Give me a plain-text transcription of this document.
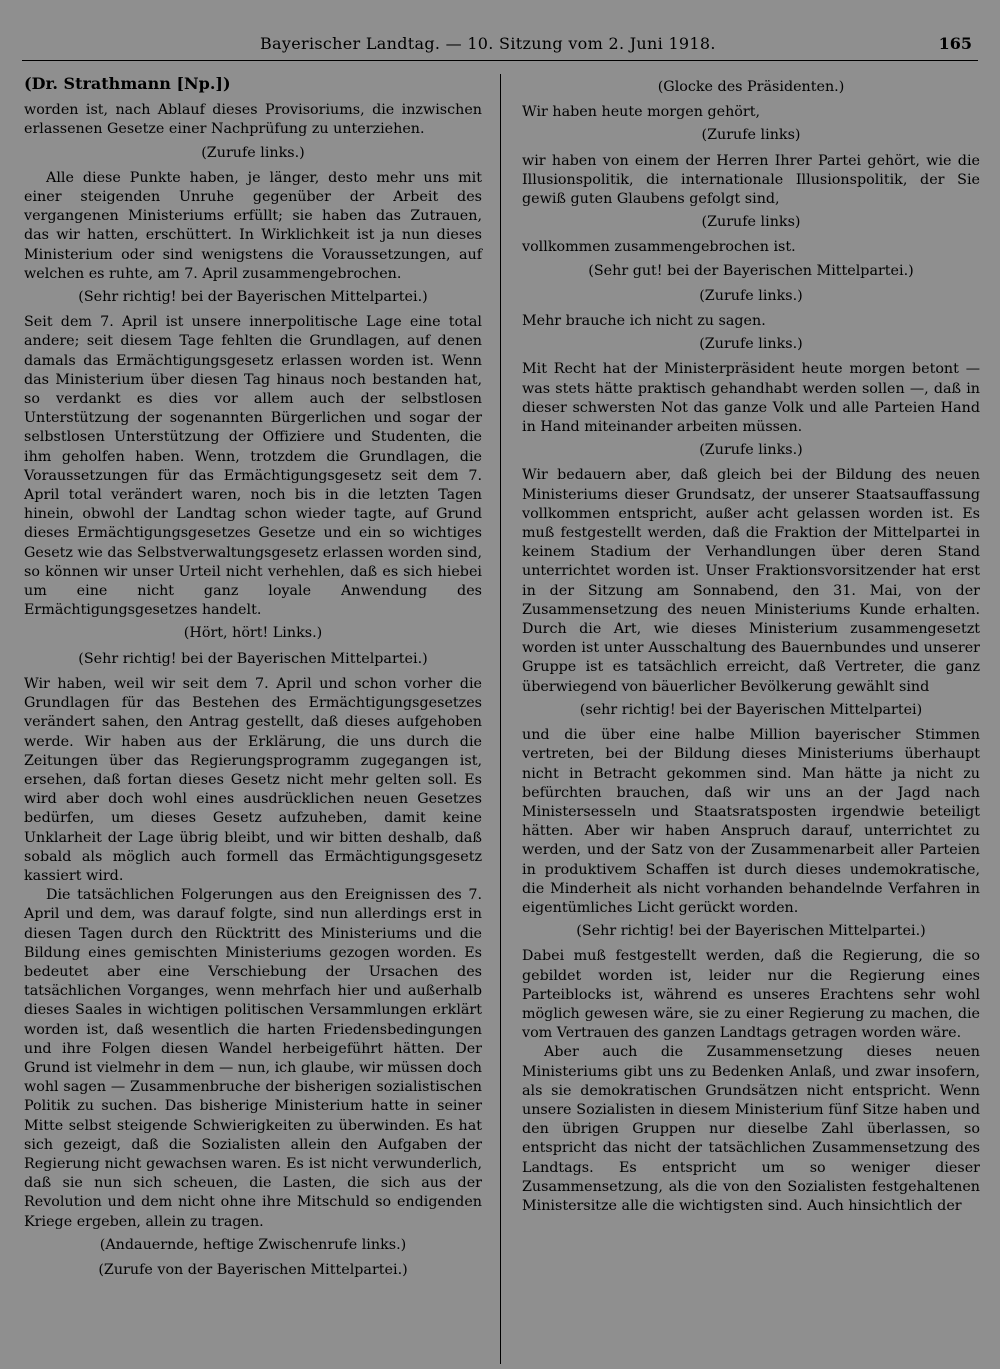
Bayerischer Landtag. — 10. Sitzung vom 2. Juni 1918.	165

(Dr. Strathmann [Np.])

worden ist, nach Ablauf dieses Provisoriums, die inzwischen erlassenen Gesetze einer Nachprüfung zu unterziehen.

(Zurufe links.)

Alle diese Punkte haben, je länger, desto mehr uns mit einer steigenden Unruhe gegenüber der Arbeit des vergangenen Ministeriums erfüllt; sie haben das Zutrauen, das wir hatten, erschüttert. In Wirklichkeit ist ja nun dieses Ministerium oder sind wenigstens die Voraussetzungen, auf welchen es ruhte, am 7. April zusammengebrochen.

(Sehr richtig! bei der Bayerischen Mittelpartei.)

Seit dem 7. April ist unsere innerpolitische Lage eine total andere; seit diesem Tage fehlten die Grundlagen, auf denen damals das Ermächtigungsgesetz erlassen worden ist. Wenn das Ministerium über diesen Tag hinaus noch bestanden hat, so verdankt es dies vor allem auch der selbstlosen Unterstützung der sogenannten Bürgerlichen und sogar der selbstlosen Unterstützung der Offiziere und Studenten, die ihm geholfen haben. Wenn, trotzdem die Grundlagen, die Voraussetzungen für das Ermächtigungsgesetz seit dem 7. April total verändert waren, noch bis in die letzten Tagen hinein, obwohl der Landtag schon wieder tagte, auf Grund dieses Ermächtigungsgesetzes Gesetze und ein so wichtiges Gesetz wie das Selbstverwaltungsgesetz erlassen worden sind, so können wir unser Urteil nicht verhehlen, daß es sich hiebei um eine nicht ganz loyale Anwendung des Ermächtigungsgesetzes handelt.

(Hört, hört! Links.)

(Sehr richtig! bei der Bayerischen Mittelpartei.)

Wir haben, weil wir seit dem 7. April und schon vorher die Grundlagen für das Bestehen des Ermächtigungsgesetzes verändert sahen, den Antrag gestellt, daß dieses aufgehoben werde. Wir haben aus der Erklärung, die uns durch die Zeitungen über das Regierungsprogramm zugegangen ist, ersehen, daß fortan dieses Gesetz nicht mehr gelten soll. Es wird aber doch wohl eines ausdrücklichen neuen Gesetzes bedürfen, um dieses Gesetz aufzuheben, damit keine Unklarheit der Lage übrig bleibt, und wir bitten deshalb, daß sobald als möglich auch formell das Ermächtigungsgesetz kassiert wird.

Die tatsächlichen Folgerungen aus den Ereignissen des 7. April und dem, was darauf folgte, sind nun allerdings erst in diesen Tagen durch den Rücktritt des Ministeriums und die Bildung eines gemischten Ministeriums gezogen worden. Es bedeutet aber eine Verschiebung der Ursachen des tatsächlichen Vorganges, wenn mehrfach hier und außerhalb dieses Saales in wichtigen politischen Versammlungen erklärt worden ist, daß wesentlich die harten Friedensbedingungen und ihre Folgen diesen Wandel herbeigeführt hätten. Der Grund ist vielmehr in dem — nun, ich glaube, wir müssen doch wohl sagen — Zusammenbruche der bisherigen sozialistischen Politik zu suchen. Das bisherige Ministerium hatte in seiner Mitte selbst steigende Schwierigkeiten zu überwinden. Es hat sich gezeigt, daß die Sozialisten allein den Aufgaben der Regierung nicht gewachsen waren. Es ist nicht verwunderlich, daß sie nun sich scheuen, die Lasten, die sich aus der Revolution und dem nicht ohne ihre Mitschuld so endigenden Kriege ergeben, allein zu tragen.

(Andauernde, heftige Zwischenrufe links.)

(Zurufe von der Bayerischen Mittelpartei.)

(Glocke des Präsidenten.)

Wir haben heute morgen gehört,

(Zurufe links)

wir haben von einem der Herren Ihrer Partei gehört, wie die Illusionspolitik, die internationale Illusionspolitik, der Sie gewiß guten Glaubens gefolgt sind,

(Zurufe links)

vollkommen zusammengebrochen ist.

(Sehr gut! bei der Bayerischen Mittelpartei.)

(Zurufe links.)

Mehr brauche ich nicht zu sagen.

(Zurufe links.)

Mit Recht hat der Ministerpräsident heute morgen betont — was stets hätte praktisch gehandhabt werden sollen —, daß in dieser schwersten Not das ganze Volk und alle Parteien Hand in Hand miteinander arbeiten müssen.

(Zurufe links.)

Wir bedauern aber, daß gleich bei der Bildung des neuen Ministeriums dieser Grundsatz, der unserer Staatsauffassung vollkommen entspricht, außer acht gelassen worden ist. Es muß festgestellt werden, daß die Fraktion der Mittelpartei in keinem Stadium der Verhandlungen über deren Stand unterrichtet worden ist. Unser Fraktionsvorsitzender hat erst in der Sitzung am Sonnabend, den 31. Mai, von der Zusammensetzung des neuen Ministeriums Kunde erhalten. Durch die Art, wie dieses Ministerium zusammengesetzt worden ist unter Ausschaltung des Bauernbundes und unserer Gruppe ist es tatsächlich erreicht, daß Vertreter, die ganz überwiegend von bäuerlicher Bevölkerung gewählt sind

(sehr richtig! bei der Bayerischen Mittelpartei)

und die über eine halbe Million bayerischer Stimmen vertreten, bei der Bildung dieses Ministeriums überhaupt nicht in Betracht gekommen sind. Man hätte ja nicht zu befürchten brauchen, daß wir uns an der Jagd nach Ministersesseln und Staatsratsposten irgendwie beteiligt hätten. Aber wir haben Anspruch darauf, unterrichtet zu werden, und der Satz von der Zusammenarbeit aller Parteien in produktivem Schaffen ist durch dieses undemokratische, die Minderheit als nicht vorhanden behandelnde Verfahren in eigentümliches Licht gerückt worden.

(Sehr richtig! bei der Bayerischen Mittelpartei.)

Dabei muß festgestellt werden, daß die Regierung, die so gebildet worden ist, leider nur die Regierung eines Parteiblocks ist, während es unseres Erachtens sehr wohl möglich gewesen wäre, sie zu einer Regierung zu machen, die vom Vertrauen des ganzen Landtags getragen worden wäre.

Aber auch die Zusammensetzung dieses neuen Ministeriums gibt uns zu Bedenken Anlaß, und zwar insofern, als sie demokratischen Grundsätzen nicht entspricht. Wenn unsere Sozialisten in diesem Ministerium fünf Sitze haben und den übrigen Gruppen nur dieselbe Zahl überlassen, so entspricht das nicht der tatsächlichen Zusammensetzung des Landtags. Es entspricht um so weniger dieser Zusammensetzung, als die von den Sozialisten festgehaltenen Ministersitze alle die wichtigsten sind. Auch hinsichtlich der
